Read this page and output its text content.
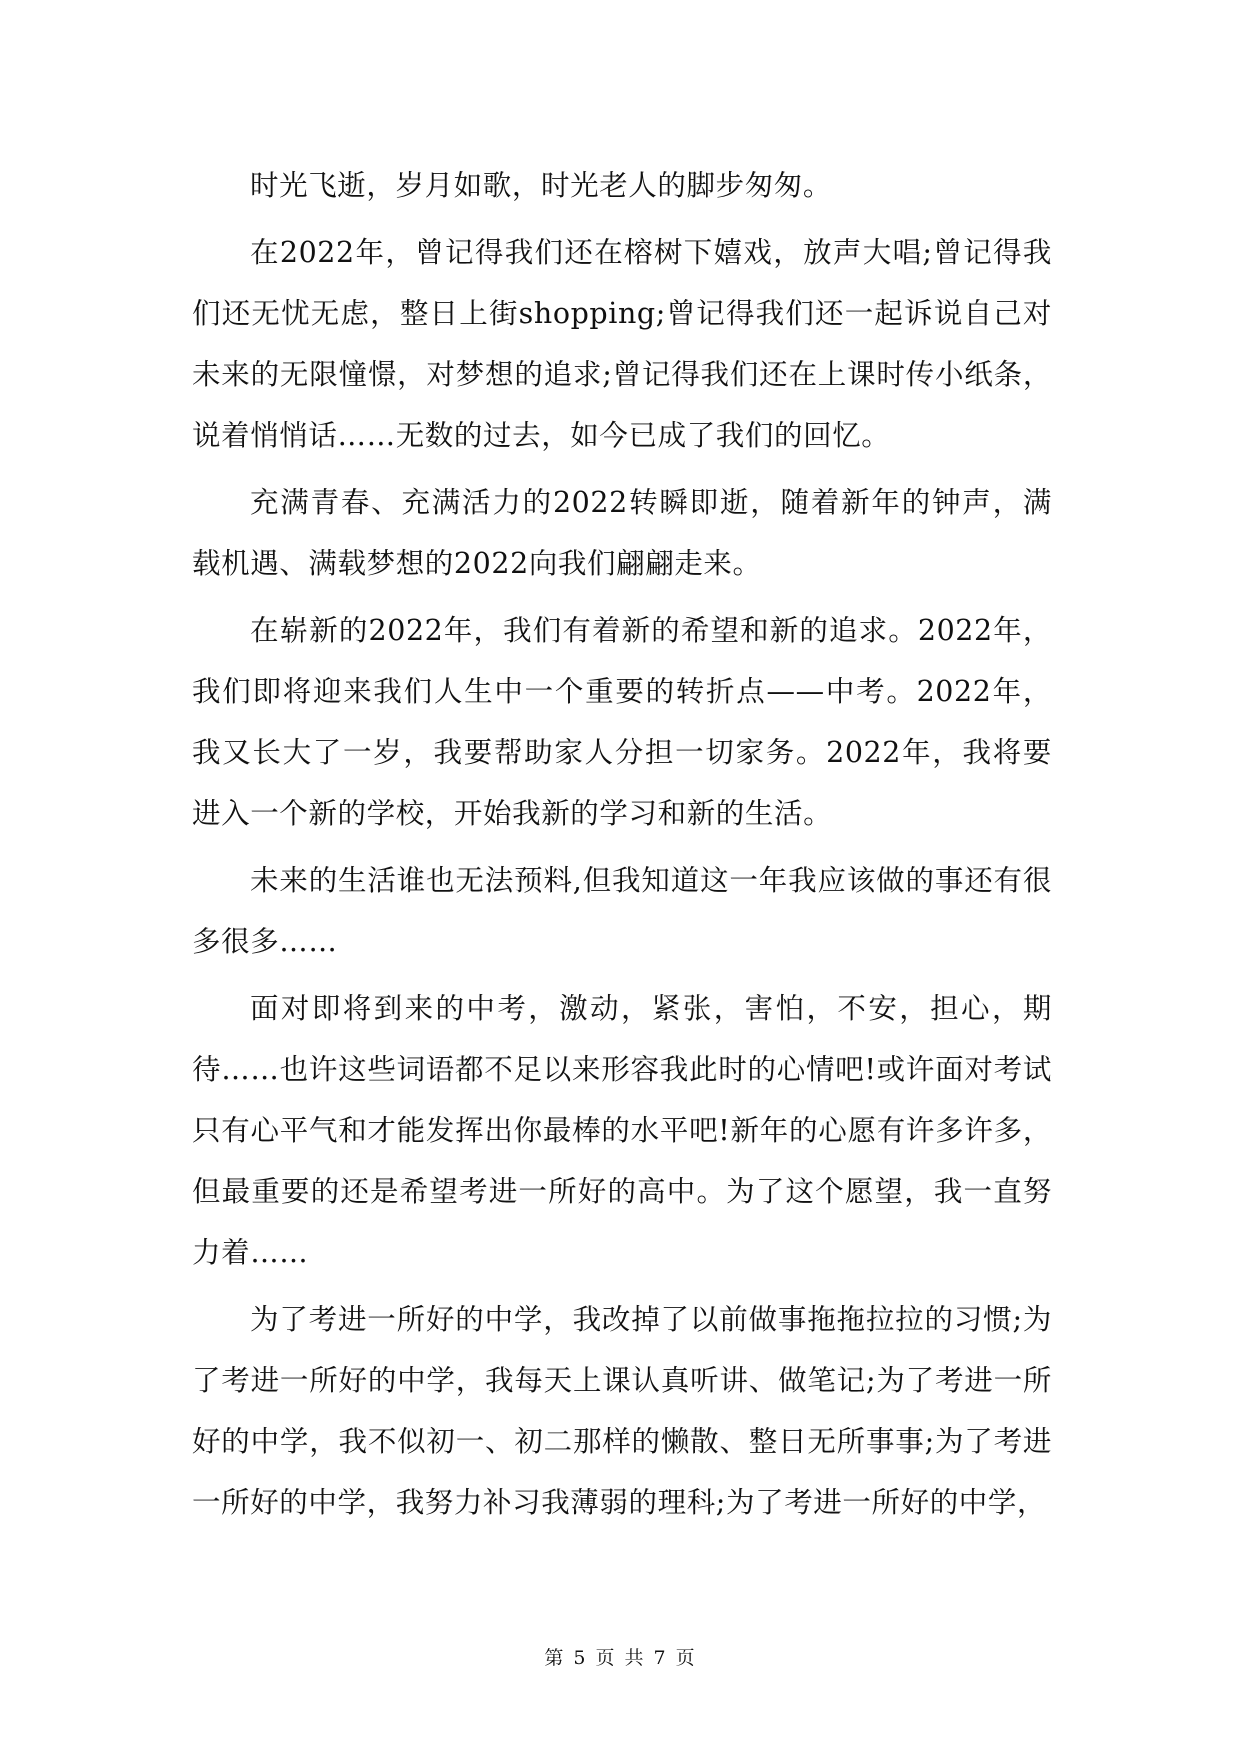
时光飞逝，岁月如歌，时光老人的脚步匆匆。

在2022年，曾记得我们还在榕树下嬉戏，放声大唱;曾记得我们还无忧无虑，整日上街shopping;曾记得我们还一起诉说自己对未来的无限憧憬，对梦想的追求;曾记得我们还在上课时传小纸条，说着悄悄话……无数的过去，如今已成了我们的回忆。

充满青春、充满活力的2022转瞬即逝，随着新年的钟声，满载机遇、满载梦想的2022向我们翩翩走来。

在崭新的2022年，我们有着新的希望和新的追求。2022年，我们即将迎来我们人生中一个重要的转折点——中考。2022年，我又长大了一岁，我要帮助家人分担一切家务。2022年，我将要进入一个新的学校，开始我新的学习和新的生活。

未来的生活谁也无法预料,但我知道这一年我应该做的事还有很多很多……

面对即将到来的中考，激动，紧张，害怕，不安，担心，期待……也许这些词语都不足以来形容我此时的心情吧!或许面对考试只有心平气和才能发挥出你最棒的水平吧!新年的心愿有许多许多，但最重要的还是希望考进一所好的高中。为了这个愿望，我一直努力着……

为了考进一所好的中学，我改掉了以前做事拖拖拉拉的习惯;为了考进一所好的中学，我每天上课认真听讲、做笔记;为了考进一所好的中学，我不似初一、初二那样的懒散、整日无所事事;为了考进一所好的中学，我努力补习我薄弱的理科;为了考进一所好的中学，

第 5 页 共 7 页
